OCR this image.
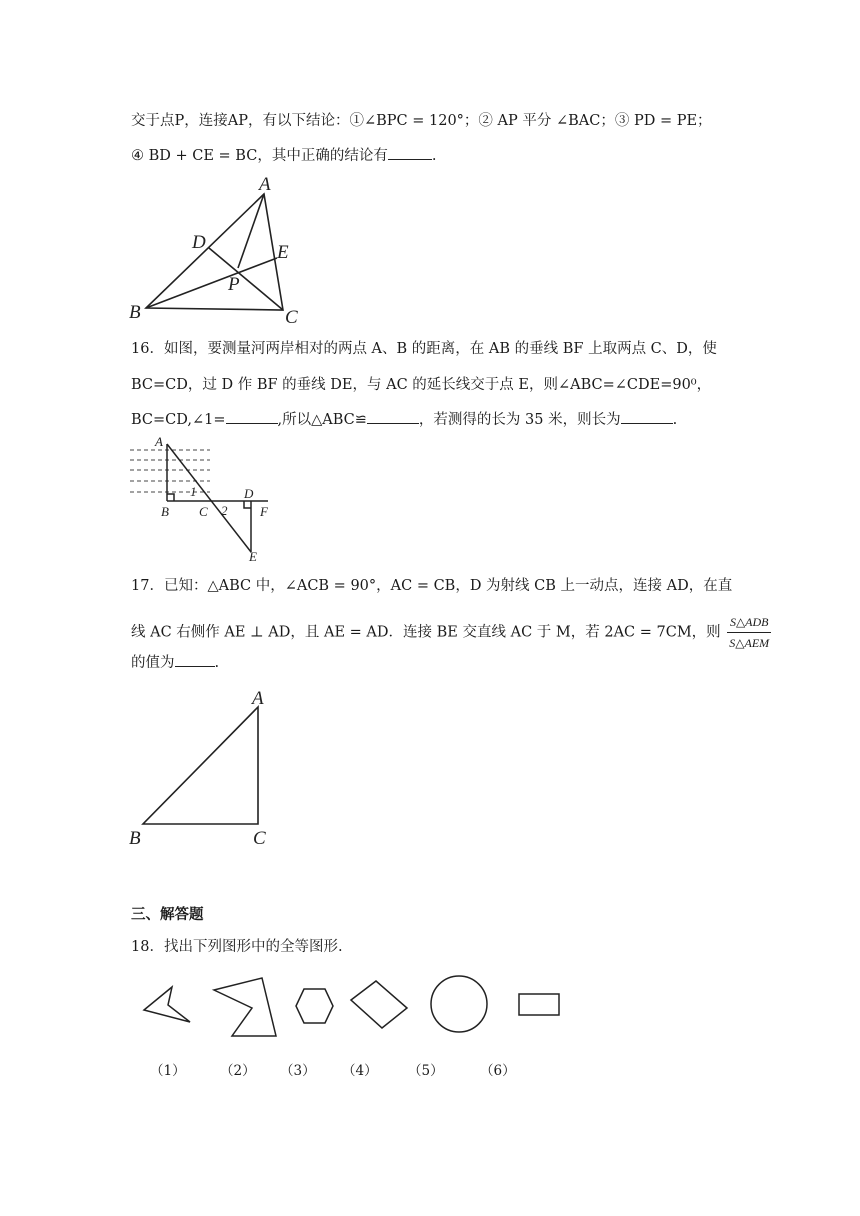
交于点P，连接AP，有以下结论：①∠BPC = 120°；② AP 平分 ∠BAC；③ PD = PE；
④ BD + CE = BC，其中正确的结论有	.
A
B	C
D	E
P
16．如图，要测量河两岸相对的两点 A、B 的距离，在 AB 的垂线 BF 上取两点 C、D，使
BC=CD，过 D 作 BF 的垂线 DE，与 AC 的延长线交于点 E，则∠ABC=∠CDE=90⁰，
BC=CD,∠1=	,所以△ABC≌	，若测得的长为 35 米，则长为	.
A
B C
D
E
F
1
2
17．已知：△ABC 中，∠ACB = 90°，AC = CB，D 为射线 CB 上一动点，连接 AD，在直
线 AC 右侧作 AE ⊥ AD，且 AE = AD．连接 BE 交直线 AC 于 M，若 2AC = 7CM，则 $\frac{\text{S△ADB}}{\text{S△AEM}}$
的值为	.
A
B	C
三、解答题
18．找出下列图形中的全等图形.
（1）	（2） （3） （4） （5）	（6）
